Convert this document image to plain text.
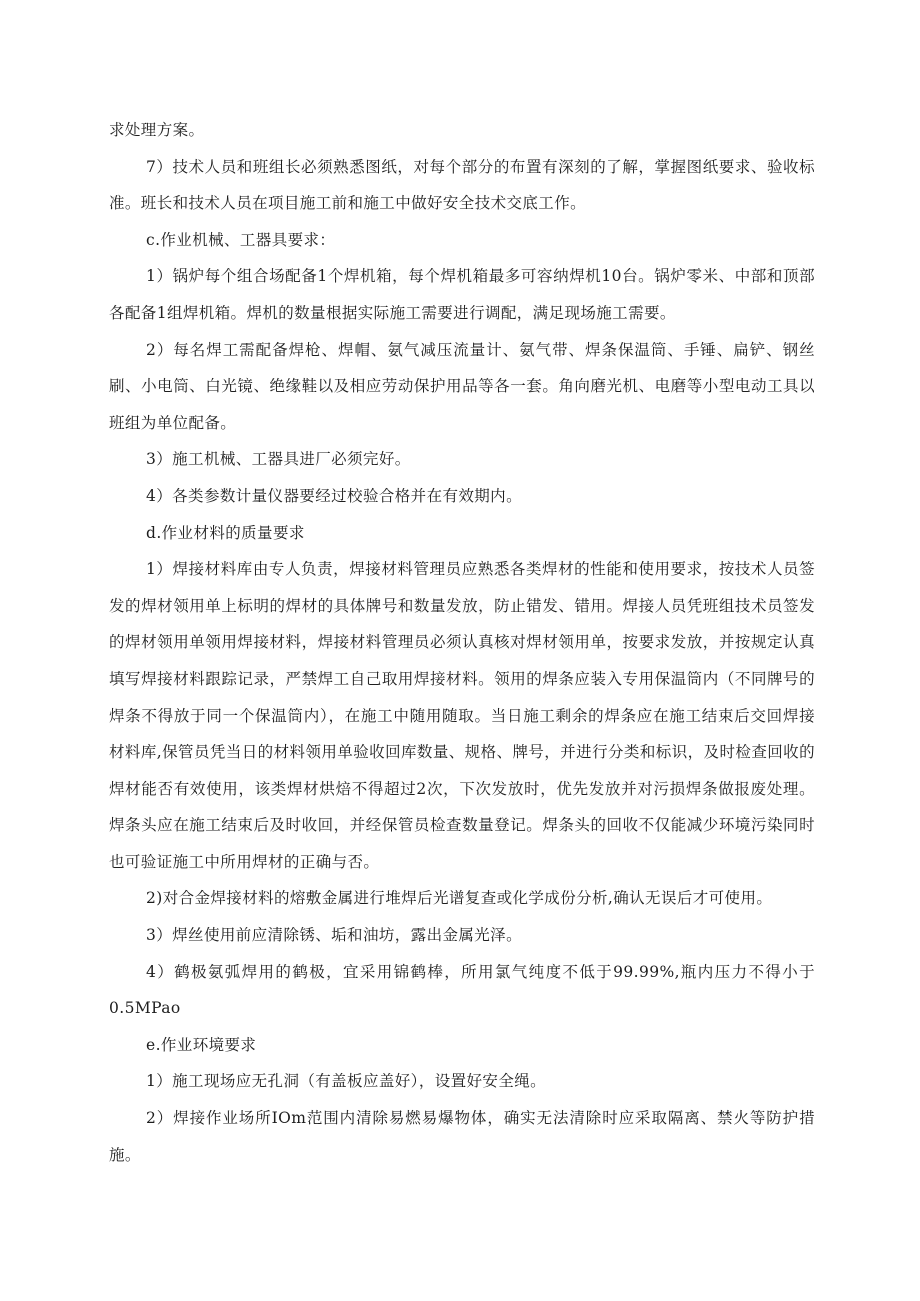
求处理方案。

7）技术人员和班组长必须熟悉图纸，对每个部分的布置有深刻的了解，掌握图纸要求、验收标准。班长和技术人员在项目施工前和施工中做好安全技术交底工作。

c.作业机械、工器具要求：

1）锅炉每个组合场配备1个焊机箱，每个焊机箱最多可容纳焊机10台。锅炉零米、中部和顶部各配备1组焊机箱。焊机的数量根据实际施工需要进行调配，满足现场施工需要。

2）每名焊工需配备焊枪、焊帽、氨气减压流量计、氨气带、焊条保温筒、手锤、扁铲、钢丝刷、小电筒、白光镜、绝缘鞋以及相应劳动保护用品等各一套。角向磨光机、电磨等小型电动工具以班组为单位配备。

3）施工机械、工器具进厂必须完好。

4）各类参数计量仪器要经过校验合格并在有效期内。

d.作业材料的质量要求

1）焊接材料库由专人负责，焊接材料管理员应熟悉各类焊材的性能和使用要求，按技术人员签发的焊材领用单上标明的焊材的具体牌号和数量发放，防止错发、错用。焊接人员凭班组技术员签发的焊材领用单领用焊接材料，焊接材料管理员必须认真核对焊材领用单，按要求发放，并按规定认真填写焊接材料跟踪记录，严禁焊工自己取用焊接材料。领用的焊条应装入专用保温筒内（不同牌号的焊条不得放于同一个保温筒内），在施工中随用随取。当日施工剩余的焊条应在施工结束后交回焊接材料库,保管员凭当日的材料领用单验收回库数量、规格、牌号，并进行分类和标识，及时检查回收的焊材能否有效使用，该类焊材烘焙不得超过2次，下次发放时，优先发放并对污损焊条做报废处理。焊条头应在施工结束后及时收回，并经保管员检查数量登记。焊条头的回收不仅能减少环境污染同时也可验证施工中所用焊材的正确与否。

2)对合金焊接材料的熔敷金属进行堆焊后光谱复查或化学成份分析,确认无误后才可使用。

3）焊丝使用前应清除锈、垢和油坊，露出金属光泽。

4）鹤极氨弧焊用的鹤极，宜采用锦鹤棒，所用氯气纯度不低于99.99%,瓶内压力不得小于0.5MPao

e.作业环境要求

1）施工现场应无孔洞（有盖板应盖好），设置好安全绳。

2）焊接作业场所IOm范围内清除易燃易爆物体，确实无法清除时应采取隔离、禁火等防护措施。
